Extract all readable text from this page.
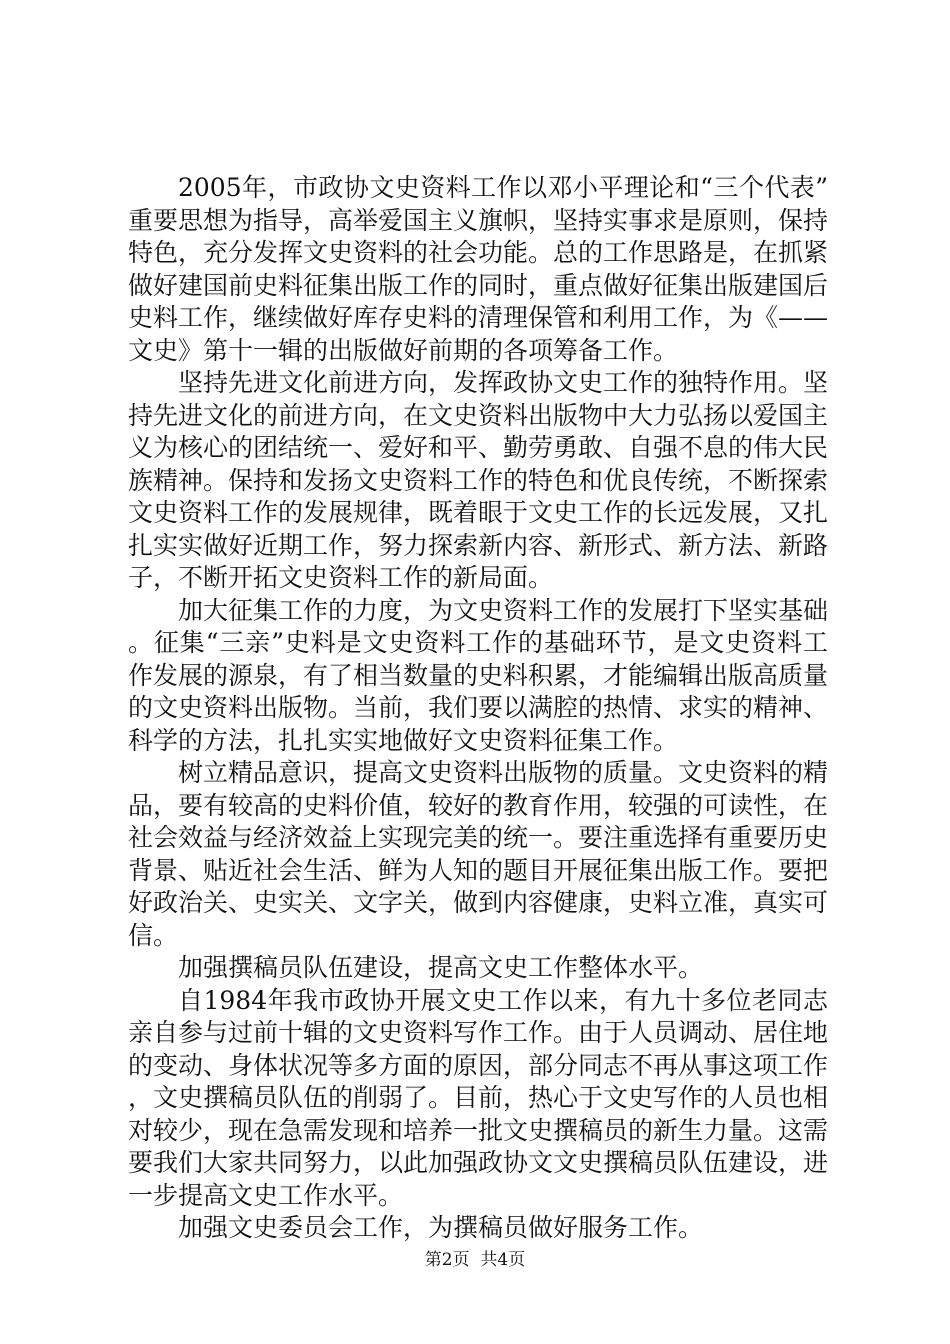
2005年，市政协文史资料工作以邓小平理论和“三个代表”重要思想为指导，高举爱国主义旗帜，坚持实事求是原则，保持特色，充分发挥文史资料的社会功能。总的工作思路是，在抓紧做好建国前史料征集出版工作的同时，重点做好征集出版建国后史料工作，继续做好库存史料的清理保管和利用工作，为《——文史》第十一辑的出版做好前期的各项筹备工作。

坚持先进文化前进方向，发挥政协文史工作的独特作用。坚持先进文化的前进方向，在文史资料出版物中大力弘扬以爱国主义为核心的团结统一、爱好和平、勤劳勇敢、自强不息的伟大民族精神。保持和发扬文史资料工作的特色和优良传统，不断探索文史资料工作的发展规律，既着眼于文史工作的长远发展，又扎扎实实做好近期工作，努力探索新内容、新形式、新方法、新路子，不断开拓文史资料工作的新局面。

加大征集工作的力度，为文史资料工作的发展打下坚实基础。征集“三亲”史料是文史资料工作的基础环节，是文史资料工作发展的源泉，有了相当数量的史料积累，才能编辑出版高质量的文史资料出版物。当前，我们要以满腔的热情、求实的精神、科学的方法，扎扎实实地做好文史资料征集工作。

树立精品意识，提高文史资料出版物的质量。文史资料的精品，要有较高的史料价值，较好的教育作用，较强的可读性，在社会效益与经济效益上实现完美的统一。要注重选择有重要历史背景、贴近社会生活、鲜为人知的题目开展征集出版工作。要把好政治关、史实关、文字关，做到内容健康，史料立准，真实可信。

加强撰稿员队伍建设，提高文史工作整体水平。

自1984年我市政协开展文史工作以来，有九十多位老同志亲自参与过前十辑的文史资料写作工作。由于人员调动、居住地的变动、身体状况等多方面的原因，部分同志不再从事这项工作，文史撰稿员队伍的削弱了。目前，热心于文史写作的人员也相对较少，现在急需发现和培养一批文史撰稿员的新生力量。这需要我们大家共同努力，以此加强政协文文史撰稿员队伍建设，进一步提高文史工作水平。

加强文史委员会工作，为撰稿员做好服务工作。

第2页  共4页
